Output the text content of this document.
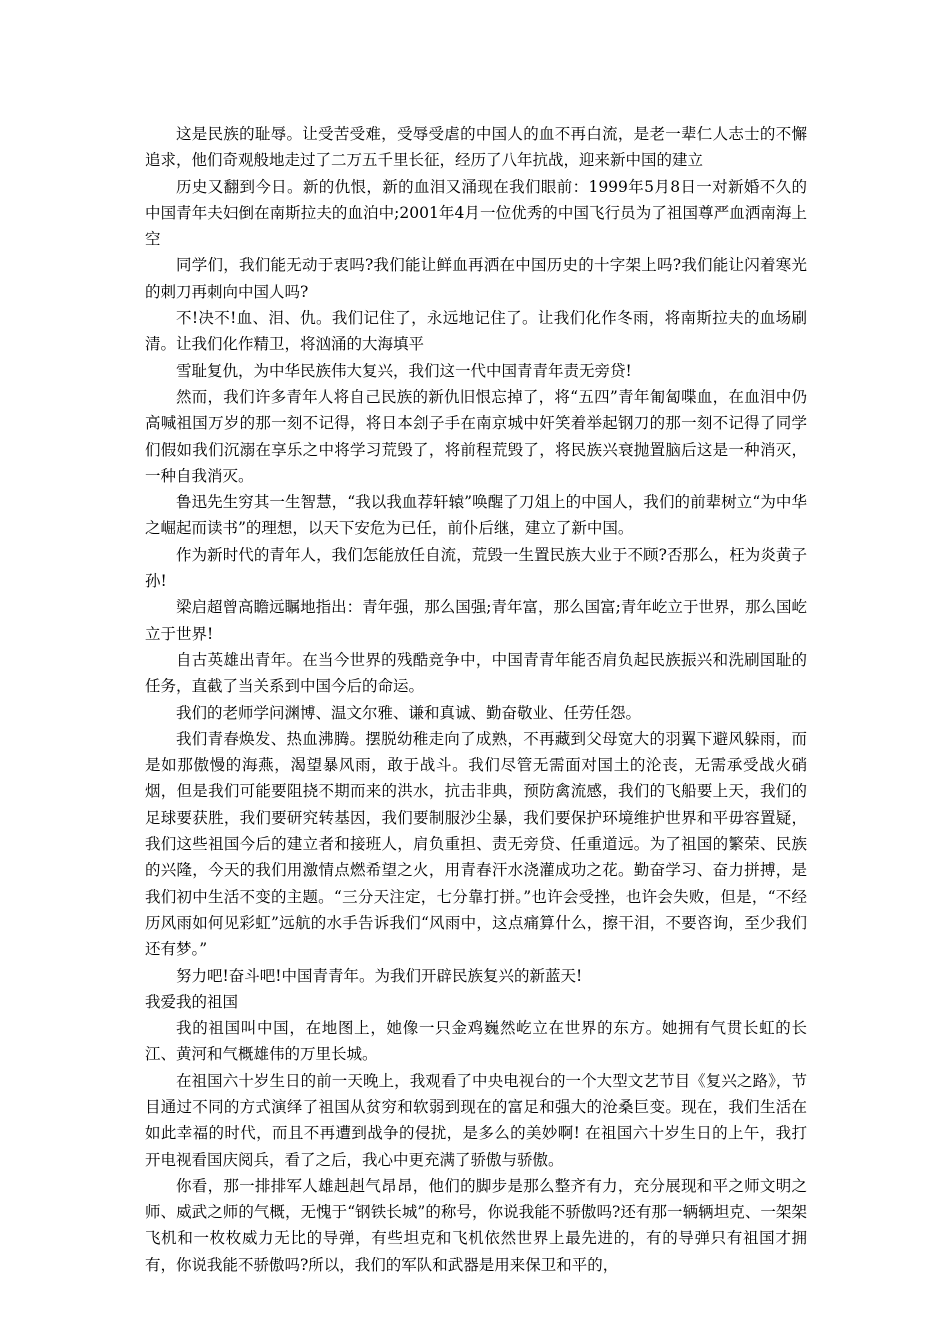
这是民族的耻辱。让受苦受难，受辱受虐的中国人的血不再白流，是老一辈仁人志士的不懈追求，他们奇观般地走过了二万五千里长征，经历了八年抗战，迎来新中国的建立

历史又翻到今日。新的仇恨，新的血泪又涌现在我们眼前：1999年5月8日一对新婚不久的中国青年夫妇倒在南斯拉夫的血泊中;2001年4月一位优秀的中国飞行员为了祖国尊严血洒南海上空

同学们，我们能无动于衷吗?我们能让鲜血再洒在中国历史的十字架上吗?我们能让闪着寒光的刺刀再刺向中国人吗?

不!决不!血、泪、仇。我们记住了，永远地记住了。让我们化作冬雨，将南斯拉夫的血场刷清。让我们化作精卫，将汹涌的大海填平

雪耻复仇，为中华民族伟大复兴，我们这一代中国青青年责无旁贷!

然而，我们许多青年人将自己民族的新仇旧恨忘掉了，将“五四”青年匍匐喋血，在血泪中仍高喊祖国万岁的那一刻不记得，将日本刽子手在南京城中奸笑着举起钢刀的那一刻不记得了同学们假如我们沉溺在享乐之中将学习荒毁了，将前程荒毁了，将民族兴衰抛置脑后这是一种消灭，一种自我消灭。

鲁迅先生穷其一生智慧，“我以我血荐轩辕”唤醒了刀俎上的中国人，我们的前辈树立“为中华之崛起而读书”的理想，以天下安危为已任，前仆后继，建立了新中国。

作为新时代的青年人，我们怎能放任自流，荒毁一生置民族大业于不顾?否那么，枉为炎黄子孙!

梁启超曾高瞻远瞩地指出：青年强，那么国强;青年富，那么国富;青年屹立于世界，那么国屹立于世界!

自古英雄出青年。在当今世界的残酷竞争中，中国青青年能否肩负起民族振兴和洗刷国耻的任务，直截了当关系到中国今后的命运。

我们的老师学问渊博、温文尔雅、谦和真诚、勤奋敬业、任劳任怨。

我们青春焕发、热血沸腾。摆脱幼稚走向了成熟，不再藏到父母宽大的羽翼下避风躲雨，而是如那傲慢的海燕，渴望暴风雨，敢于战斗。我们尽管无需面对国土的沦丧，无需承受战火硝烟，但是我们可能要阻挠不期而来的洪水，抗击非典，预防禽流感，我们的飞船要上天，我们的足球要获胜，我们要研究转基因，我们要制服沙尘暴，我们要保护环境维护世界和平毋容置疑，我们这些祖国今后的建立者和接班人，肩负重担、责无旁贷、任重道远。为了祖国的繁荣、民族的兴隆，今天的我们用激情点燃希望之火，用青春汗水浇灌成功之花。勤奋学习、奋力拼搏，是我们初中生活不变的主题。“三分天注定，七分靠打拼。”也许会受挫，也许会失败，但是，“不经历风雨如何见彩虹”远航的水手告诉我们“风雨中，这点痛算什么，擦干泪，不要咨询，至少我们还有梦。”

努力吧!奋斗吧!中国青青年。为我们开辟民族复兴的新蓝天!

我爱我的祖国

我的祖国叫中国，在地图上，她像一只金鸡巍然屹立在世界的东方。她拥有气贯长虹的长江、黄河和气概雄伟的万里长城。

在祖国六十岁生日的前一天晚上，我观看了中央电视台的一个大型文艺节目《复兴之路》，节目通过不同的方式演绎了祖国从贫穷和软弱到现在的富足和强大的沧桑巨变。现在，我们生活在如此幸福的时代，而且不再遭到战争的侵扰，是多么的美妙啊! 在祖国六十岁生日的上午，我打开电视看国庆阅兵，看了之后，我心中更充满了骄傲与骄傲。

你看，那一排排军人雄赳赳气昂昂，他们的脚步是那么整齐有力，充分展现和平之师文明之师、威武之师的气概，无愧于“钢铁长城”的称号，你说我能不骄傲吗?还有那一辆辆坦克、一架架飞机和一枚枚威力无比的导弹，有些坦克和飞机依然世界上最先进的，有的导弹只有祖国才拥有，你说我能不骄傲吗?所以，我们的军队和武器是用来保卫和平的，
